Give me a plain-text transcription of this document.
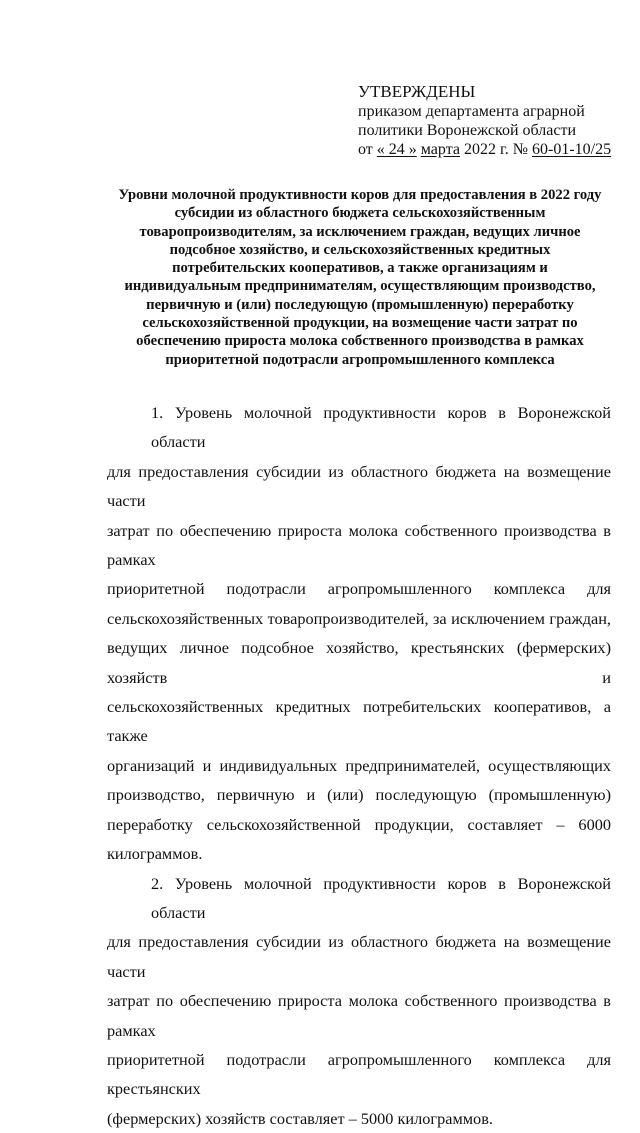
УТВЕРЖДЕНЫ
приказом департамента аграрной
политики Воронежской области
от « 24 » марта 2022 г. № 60-01-10/25
Уровни молочной продуктивности коров для предоставления в 2022 году
субсидии из областного бюджета сельскохозяйственным
товаропроизводителям, за исключением граждан, ведущих личное
подсобное хозяйство, и сельскохозяйственных кредитных
потребительских кооперативов, а также организациям и
индивидуальным предпринимателям, осуществляющим производство,
первичную и (или) последующую (промышленную) переработку
сельскохозяйственной продукции, на возмещение части затрат по
обеспечению прироста молока собственного производства в рамках
приоритетной подотрасли агропромышленного комплекса
1. Уровень молочной продуктивности коров в Воронежской области
для предоставления субсидии из областного бюджета на возмещение части
затрат по обеспечению прироста молока собственного производства в рамках
приоритетной подотрасли агропромышленного комплекса для
сельскохозяйственных товаропроизводителей, за исключением граждан,
ведущих личное подсобное хозяйство, крестьянских (фермерских) хозяйств и
сельскохозяйственных кредитных потребительских кооперативов, а также
организаций и индивидуальных предпринимателей, осуществляющих
производство, первичную и (или) последующую (промышленную)
переработку сельскохозяйственной продукции, составляет – 6000
килограммов.
2. Уровень молочной продуктивности коров в Воронежской области
для предоставления субсидии из областного бюджета на возмещение части
затрат по обеспечению прироста молока собственного производства в рамках
приоритетной подотрасли агропромышленного комплекса для крестьянских
(фермерских) хозяйств составляет – 5000 килограммов.
